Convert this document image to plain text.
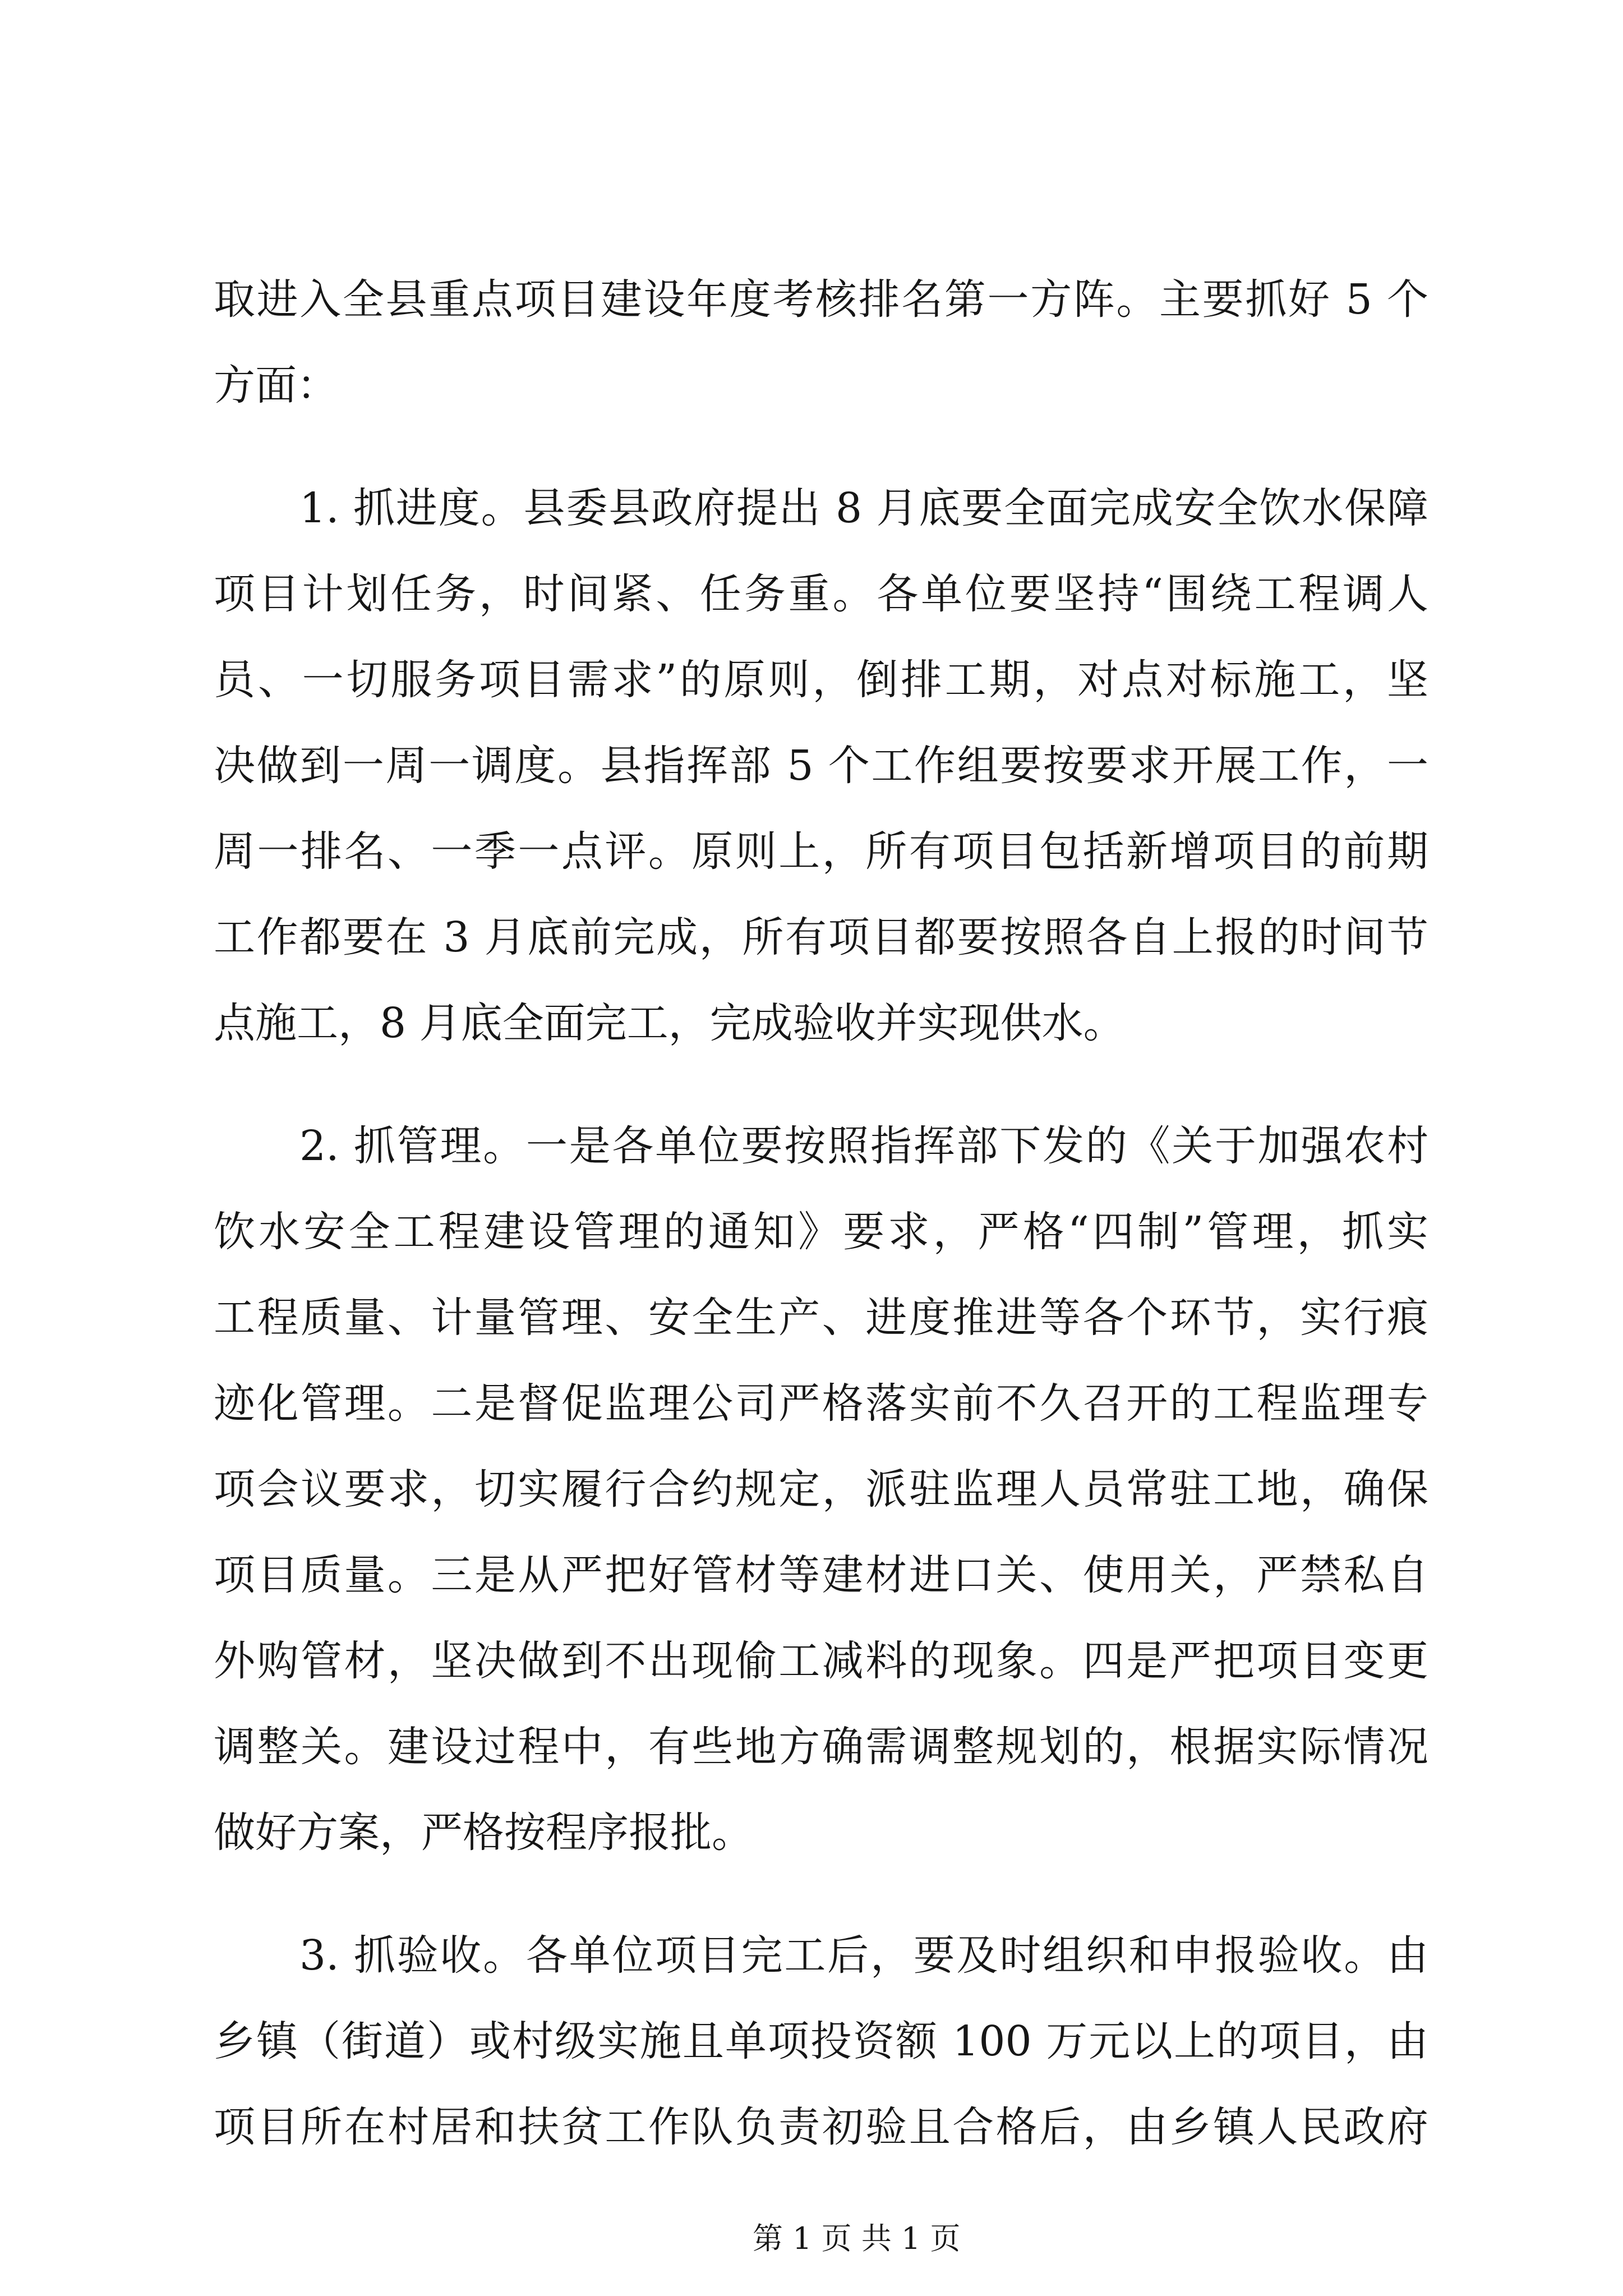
取进入全县重点项目建设年度考核排名第一方阵。主要抓好 5 个
方面：
1. 抓进度。县委县政府提出 8 月底要全面完成安全饮水保障
项目计划任务，时间紧、任务重。各单位要坚持“围绕工程调人
员、一切服务项目需求”的原则，倒排工期，对点对标施工，坚
决做到一周一调度。县指挥部 5 个工作组要按要求开展工作，一
周一排名、一季一点评。原则上，所有项目包括新增项目的前期
工作都要在 3 月底前完成，所有项目都要按照各自上报的时间节
点施工，8 月底全面完工，完成验收并实现供水。
2. 抓管理。一是各单位要按照指挥部下发的《关于加强农村
饮水安全工程建设管理的通知》要求，严格“四制”管理，抓实
工程质量、计量管理、安全生产、进度推进等各个环节，实行痕
迹化管理。二是督促监理公司严格落实前不久召开的工程监理专
项会议要求，切实履行合约规定，派驻监理人员常驻工地，确保
项目质量。三是从严把好管材等建材进口关、使用关，严禁私自
外购管材，坚决做到不出现偷工减料的现象。四是严把项目变更
调整关。建设过程中，有些地方确需调整规划的，根据实际情况
做好方案，严格按程序报批。
3. 抓验收。各单位项目完工后，要及时组织和申报验收。由
乡镇（街道）或村级实施且单项投资额 100 万元以上的项目，由
项目所在村居和扶贫工作队负责初验且合格后，由乡镇人民政府
第 1 页 共 1 页
